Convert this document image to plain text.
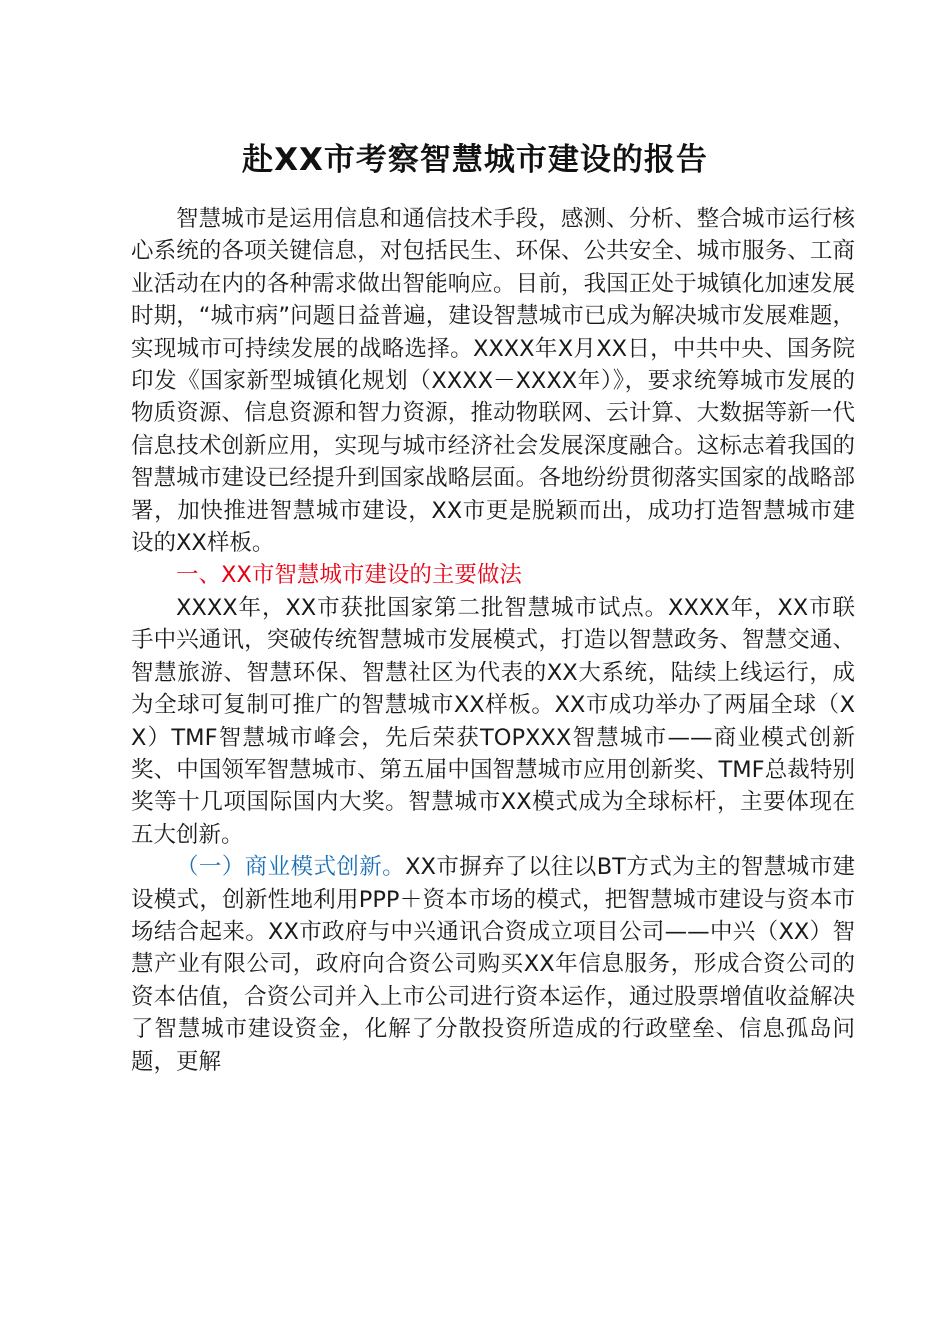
赴XX市考察智慧城市建设的报告

智慧城市是运用信息和通信技术手段，感测、分析、整合城市运行核心系统的各项关键信息，对包括民生、环保、公共安全、城市服务、工商业活动在内的各种需求做出智能响应。目前，我国正处于城镇化加速发展时期，“城市病”问题日益普遍，建设智慧城市已成为解决城市发展难题，实现城市可持续发展的战略选择。XXXX年X月XX日，中共中央、国务院印发《国家新型城镇化规划（XXXX－XXXX年）》，要求统筹城市发展的物质资源、信息资源和智力资源，推动物联网、云计算、大数据等新一代信息技术创新应用，实现与城市经济社会发展深度融合。这标志着我国的智慧城市建设已经提升到国家战略层面。各地纷纷贯彻落实国家的战略部署，加快推进智慧城市建设，XX市更是脱颖而出，成功打造智慧城市建设的XX样板。

一、XX市智慧城市建设的主要做法

XXXX年，XX市获批国家第二批智慧城市试点。XXXX年，XX市联手中兴通讯，突破传统智慧城市发展模式，打造以智慧政务、智慧交通、智慧旅游、智慧环保、智慧社区为代表的XX大系统，陆续上线运行，成为全球可复制可推广的智慧城市XX样板。XX市成功举办了两届全球（XX）TMF智慧城市峰会，先后荣获TOPXXX智慧城市——商业模式创新奖、中国领军智慧城市、第五届中国智慧城市应用创新奖、TMF总裁特别奖等十几项国际国内大奖。智慧城市XX模式成为全球标杆，主要体现在五大创新。

（一）商业模式创新。XX市摒弃了以往以BT方式为主的智慧城市建设模式，创新性地利用PPP＋资本市场的模式，把智慧城市建设与资本市场结合起来。XX市政府与中兴通讯合资成立项目公司——中兴（XX）智慧产业有限公司，政府向合资公司购买XX年信息服务，形成合资公司的资本估值，合资公司并入上市公司进行资本运作，通过股票增值收益解决了智慧城市建设资金，化解了分散投资所造成的行政壁垒、信息孤岛问题，更解
